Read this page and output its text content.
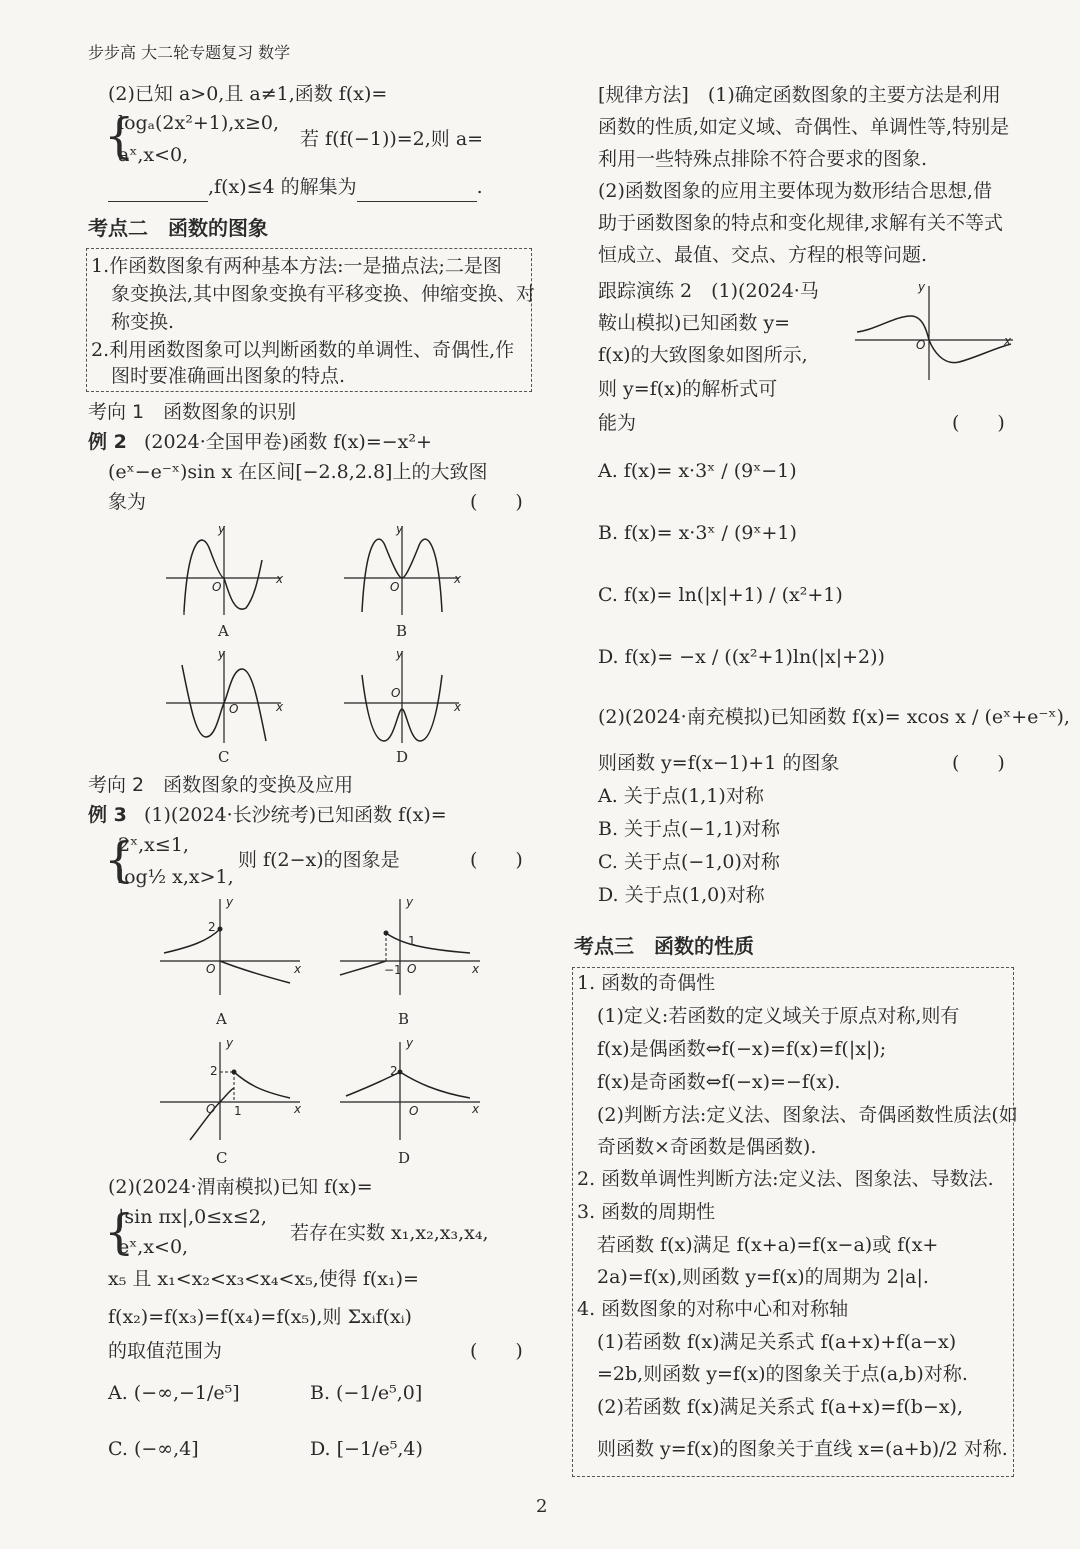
步步高 大二轮专题复习 数学
(2)已知 a>0,且 a≠1,函数 f(x)=
{
logₐ(2x²+1),x≥0,
aˣ,x<0,
若 f(f(−1))=2,则 a=
,f(x)≤4 的解集为	.
考点二　函数的图象
1.作函数图象有两种基本方法:一是描点法;二是图
象变换法,其中图象变换有平移变换、伸缩变换、对
称变换.
2.利用函数图象可以判断函数的单调性、奇偶性,作
图时要准确画出图象的特点.
考向 1　函数图象的识别
例 2 (2024·全国甲卷)函数 f(x)=−x²+
(eˣ−e⁻ˣ)sin x 在区间[−2.8,2.8]上的大致图
象为	(　　)
y
x
O
A
y
x
O
B
y
x
O
C
y
x
O
D
考向 2　函数图象的变换及应用
例 3 (1)(2024·长沙统考)已知函数 f(x)=
{
2ˣ,x≤1,
log½ x,x>1,
则 f(2−x)的图象是	(　　)
y
2
O	x
A
y
1
−1 O	x
B
y
2
O 1	x
C
y
2
O	x
D
(2)(2024·渭南模拟)已知 f(x)=
{
|sin πx|,0≤x≤2,
eˣ,x<0,
若存在实数 x₁,x₂,x₃,x₄,
x₅ 且 x₁<x₂<x₃<x₄<x₅,使得 f(x₁)=
f(x₂)=f(x₃)=f(x₄)=f(x₅),则 Σxᵢf(xᵢ)
的取值范围为	(　　)
A. (−∞,−1/e⁵]	B. (−1/e⁵,0]
C. (−∞,4]	D. [−1/e⁵,4)
[规律方法]　(1)确定函数图象的主要方法是利用
函数的性质,如定义域、奇偶性、单调性等,特别是
利用一些特殊点排除不符合要求的图象.
(2)函数图象的应用主要体现为数形结合思想,借
助于函数图象的特点和变化规律,求解有关不等式
恒成立、最值、交点、方程的根等问题.
跟踪演练 2　(1)(2024·马
鞍山模拟)已知函数 y=
f(x)的大致图象如图所示,
则 y=f(x)的解析式可
能为	(　　)
y
O	x
A. f(x)= x·3ˣ / (9ˣ−1)
B. f(x)= x·3ˣ / (9ˣ+1)
C. f(x)= ln(|x|+1) / (x²+1)
D. f(x)= −x / ((x²+1)ln(|x|+2))
(2)(2024·南充模拟)已知函数 f(x)= xcos x / (eˣ+e⁻ˣ),
则函数 y=f(x−1)+1 的图象	(　　)
A. 关于点(1,1)对称
B. 关于点(−1,1)对称
C. 关于点(−1,0)对称
D. 关于点(1,0)对称
考点三　函数的性质
1. 函数的奇偶性
(1)定义:若函数的定义域关于原点对称,则有
f(x)是偶函数⇔f(−x)=f(x)=f(|x|);
f(x)是奇函数⇔f(−x)=−f(x).
(2)判断方法:定义法、图象法、奇偶函数性质法(如
奇函数×奇函数是偶函数).
2. 函数单调性判断方法:定义法、图象法、导数法.
3. 函数的周期性
若函数 f(x)满足 f(x+a)=f(x−a)或 f(x+
2a)=f(x),则函数 y=f(x)的周期为 2|a|.
4. 函数图象的对称中心和对称轴
(1)若函数 f(x)满足关系式 f(a+x)+f(a−x)
=2b,则函数 y=f(x)的图象关于点(a,b)对称.
(2)若函数 f(x)满足关系式 f(a+x)=f(b−x),
则函数 y=f(x)的图象关于直线 x=(a+b)/2 对称.
2
